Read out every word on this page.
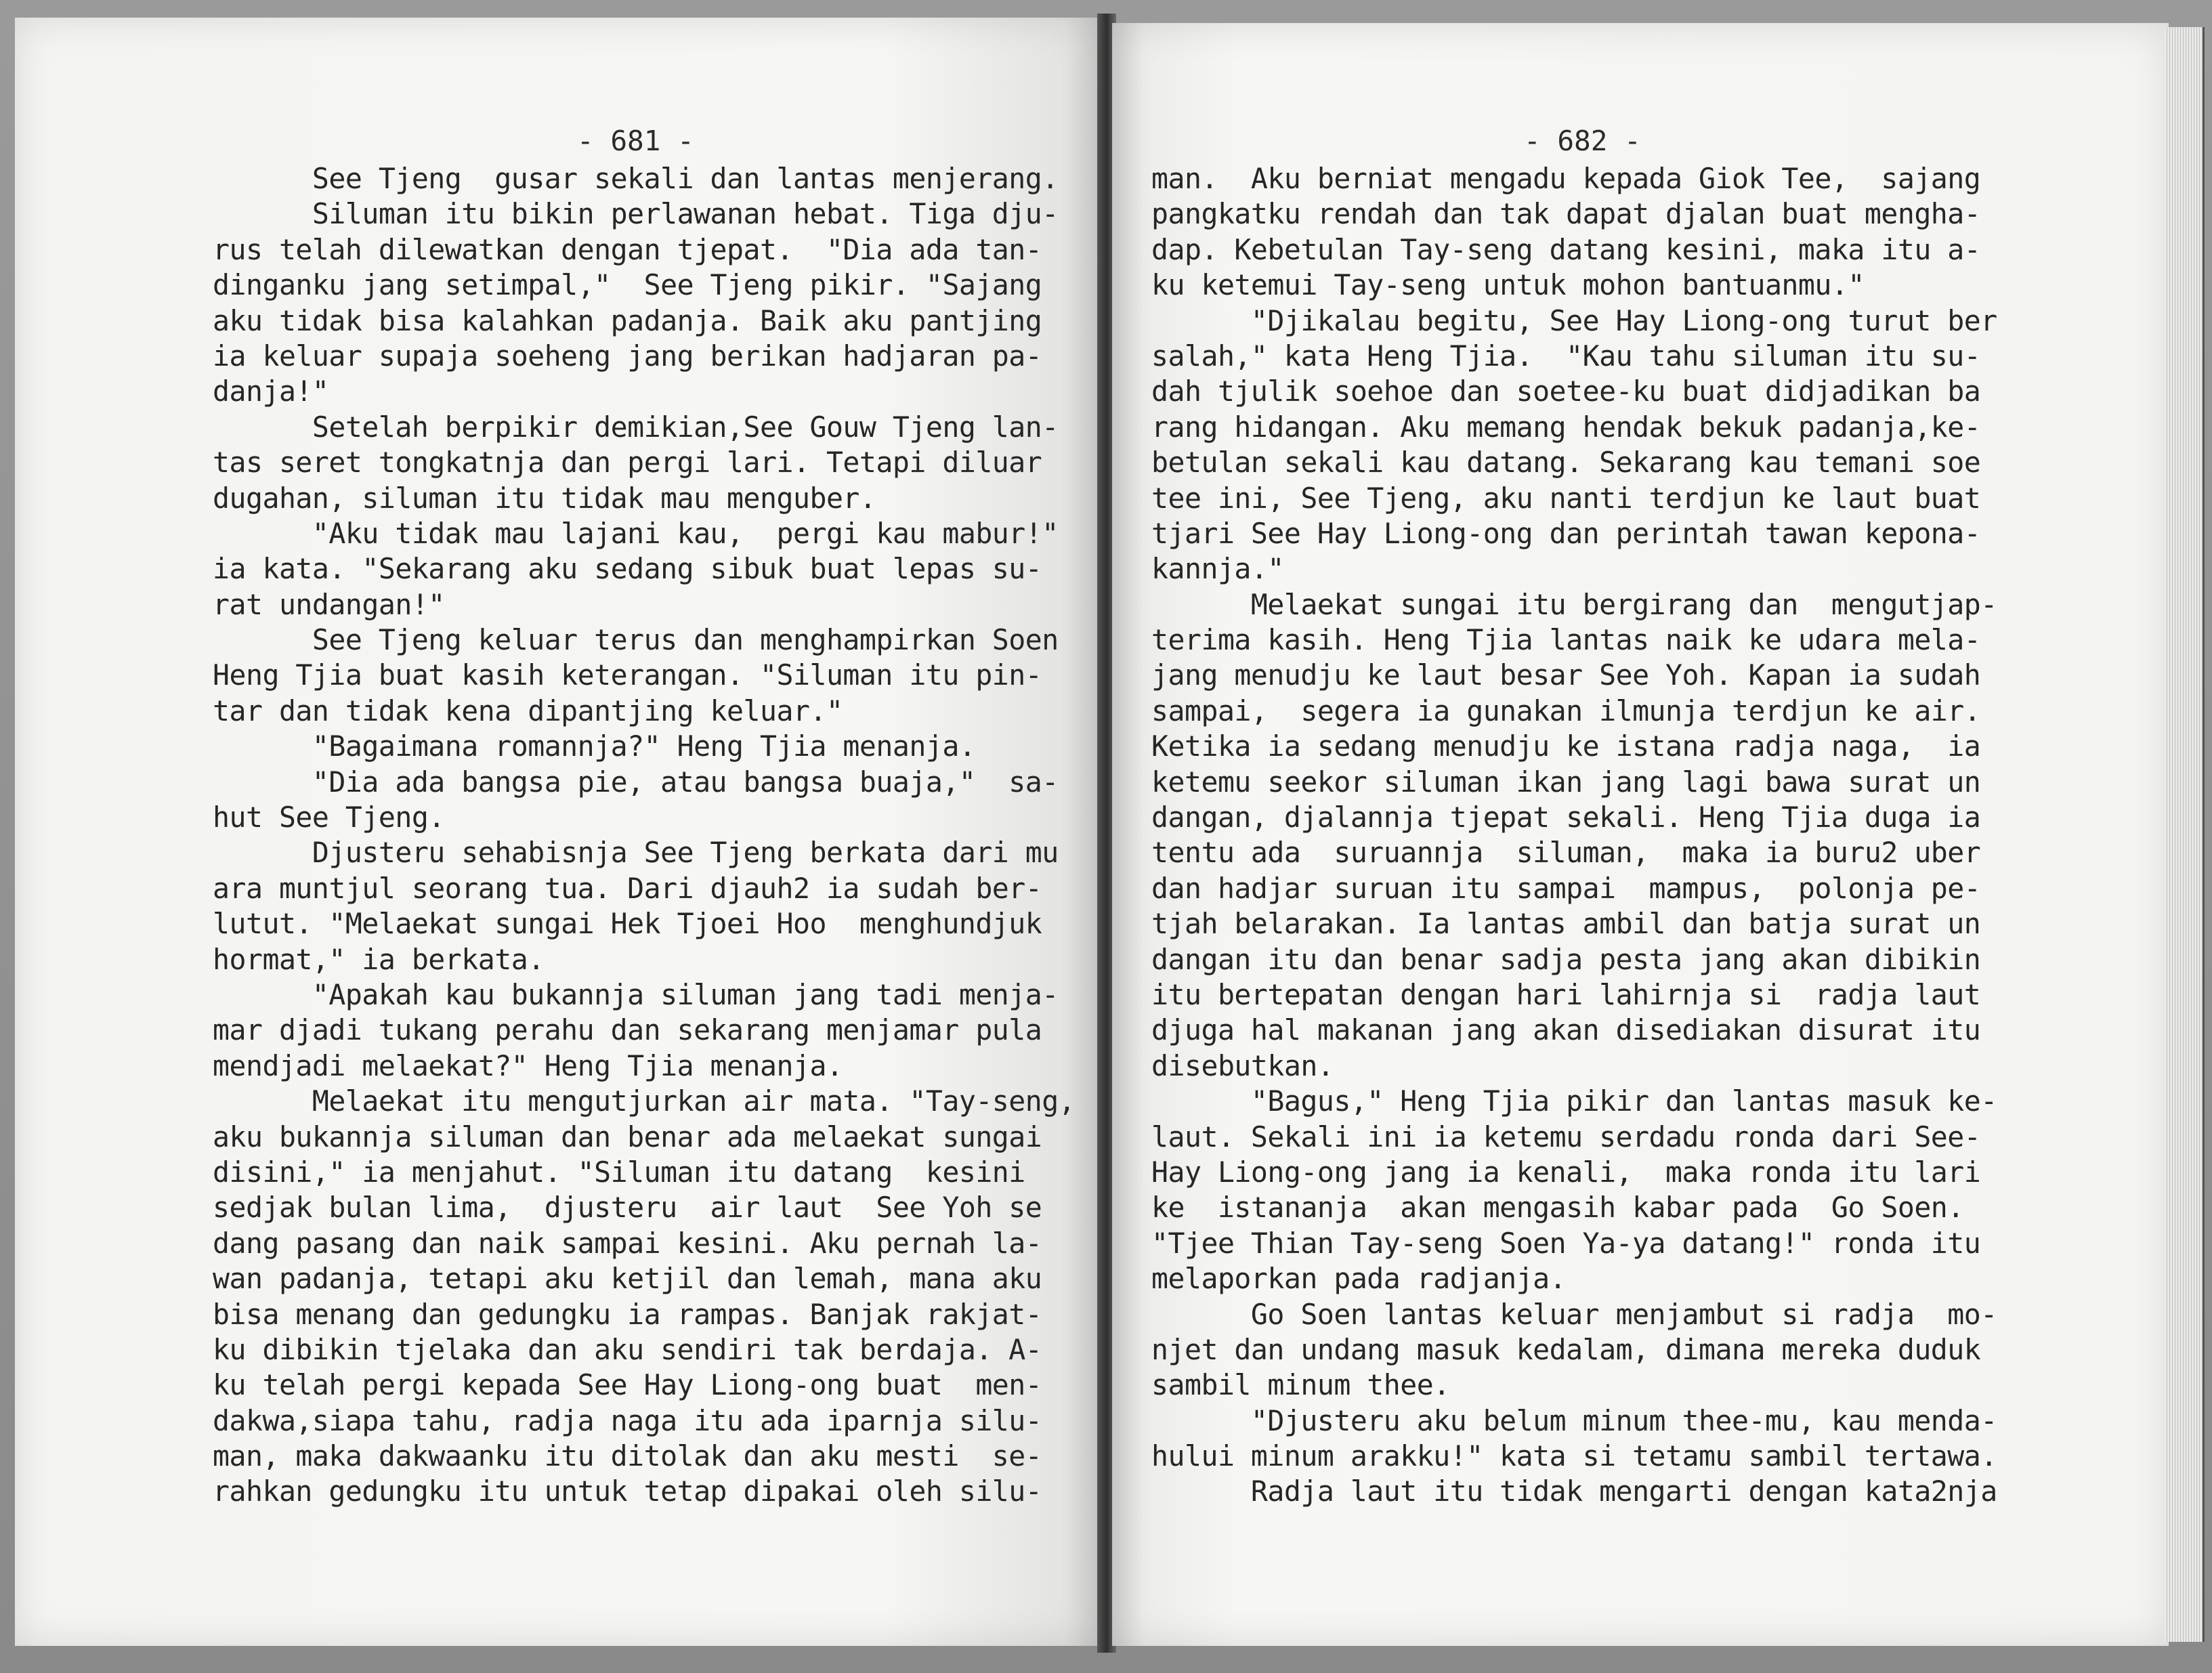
- 681 -	- 682 -
See Tjeng  gusar sekali dan lantas menjerang.
Siluman itu bikin perlawanan hebat. Tiga dju-
rus telah dilewatkan dengan tjepat.  "Dia ada tan-
dinganku jang setimpal,"  See Tjeng pikir. "Sajang
aku tidak bisa kalahkan padanja. Baik aku pantjing
ia keluar supaja soeheng jang berikan hadjaran pa-
danja!"
Setelah berpikir demikian,See Gouw Tjeng lan-
tas seret tongkatnja dan pergi lari. Tetapi diluar
dugahan, siluman itu tidak mau menguber.
"Aku tidak mau lajani kau,  pergi kau mabur!"
ia kata. "Sekarang aku sedang sibuk buat lepas su-
rat undangan!"
See Tjeng keluar terus dan menghampirkan Soen
Heng Tjia buat kasih keterangan. "Siluman itu pin-
tar dan tidak kena dipantjing keluar."
"Bagaimana romannja?" Heng Tjia menanja.
"Dia ada bangsa pie, atau bangsa buaja,"  sa-
hut See Tjeng.
Djusteru sehabisnja See Tjeng berkata dari mu
ara muntjul seorang tua. Dari djauh2 ia sudah ber-
lutut. "Melaekat sungai Hek Tjoei Hoo  menghundjuk
hormat," ia berkata.
"Apakah kau bukannja siluman jang tadi menja-
mar djadi tukang perahu dan sekarang menjamar pula
mendjadi melaekat?" Heng Tjia menanja.
Melaekat itu mengutjurkan air mata. "Tay-seng,
aku bukannja siluman dan benar ada melaekat sungai
disini," ia menjahut. "Siluman itu datang  kesini
sedjak bulan lima,  djusteru  air laut  See Yoh se
dang pasang dan naik sampai kesini. Aku pernah la-
wan padanja, tetapi aku ketjil dan lemah, mana aku
bisa menang dan gedungku ia rampas. Banjak rakjat-
ku dibikin tjelaka dan aku sendiri tak berdaja. A-
ku telah pergi kepada See Hay Liong-ong buat  men-
dakwa,siapa tahu, radja naga itu ada iparnja silu-
man, maka dakwaanku itu ditolak dan aku mesti  se-
rahkan gedungku itu untuk tetap dipakai oleh silu-
man.  Aku berniat mengadu kepada Giok Tee,  sajang
pangkatku rendah dan tak dapat djalan buat mengha-
dap. Kebetulan Tay-seng datang kesini, maka itu a-
ku ketemui Tay-seng untuk mohon bantuanmu."
"Djikalau begitu, See Hay Liong-ong turut ber
salah," kata Heng Tjia.  "Kau tahu siluman itu su-
dah tjulik soehoe dan soetee-ku buat didjadikan ba
rang hidangan. Aku memang hendak bekuk padanja,ke-
betulan sekali kau datang. Sekarang kau temani soe
tee ini, See Tjeng, aku nanti terdjun ke laut buat
tjari See Hay Liong-ong dan perintah tawan kepona-
kannja."
Melaekat sungai itu bergirang dan  mengutjap-
terima kasih. Heng Tjia lantas naik ke udara mela-
jang menudju ke laut besar See Yoh. Kapan ia sudah
sampai,  segera ia gunakan ilmunja terdjun ke air.
Ketika ia sedang menudju ke istana radja naga,  ia
ketemu seekor siluman ikan jang lagi bawa surat un
dangan, djalannja tjepat sekali. Heng Tjia duga ia
tentu ada  suruannja  siluman,  maka ia buru2 uber
dan hadjar suruan itu sampai  mampus,  polonja pe-
tjah belarakan. Ia lantas ambil dan batja surat un
dangan itu dan benar sadja pesta jang akan dibikin
itu bertepatan dengan hari lahirnja si  radja laut
djuga hal makanan jang akan disediakan disurat itu
disebutkan.
"Bagus," Heng Tjia pikir dan lantas masuk ke-
laut. Sekali ini ia ketemu serdadu ronda dari See-
Hay Liong-ong jang ia kenali,  maka ronda itu lari
ke  istananja  akan mengasih kabar pada  Go Soen.
"Tjee Thian Tay-seng Soen Ya-ya datang!" ronda itu
melaporkan pada radjanja.
Go Soen lantas keluar menjambut si radja  mo-
njet dan undang masuk kedalam, dimana mereka duduk
sambil minum thee.
"Djusteru aku belum minum thee-mu, kau menda-
hului minum arakku!" kata si tetamu sambil tertawa.
Radja laut itu tidak mengarti dengan kata2nja
